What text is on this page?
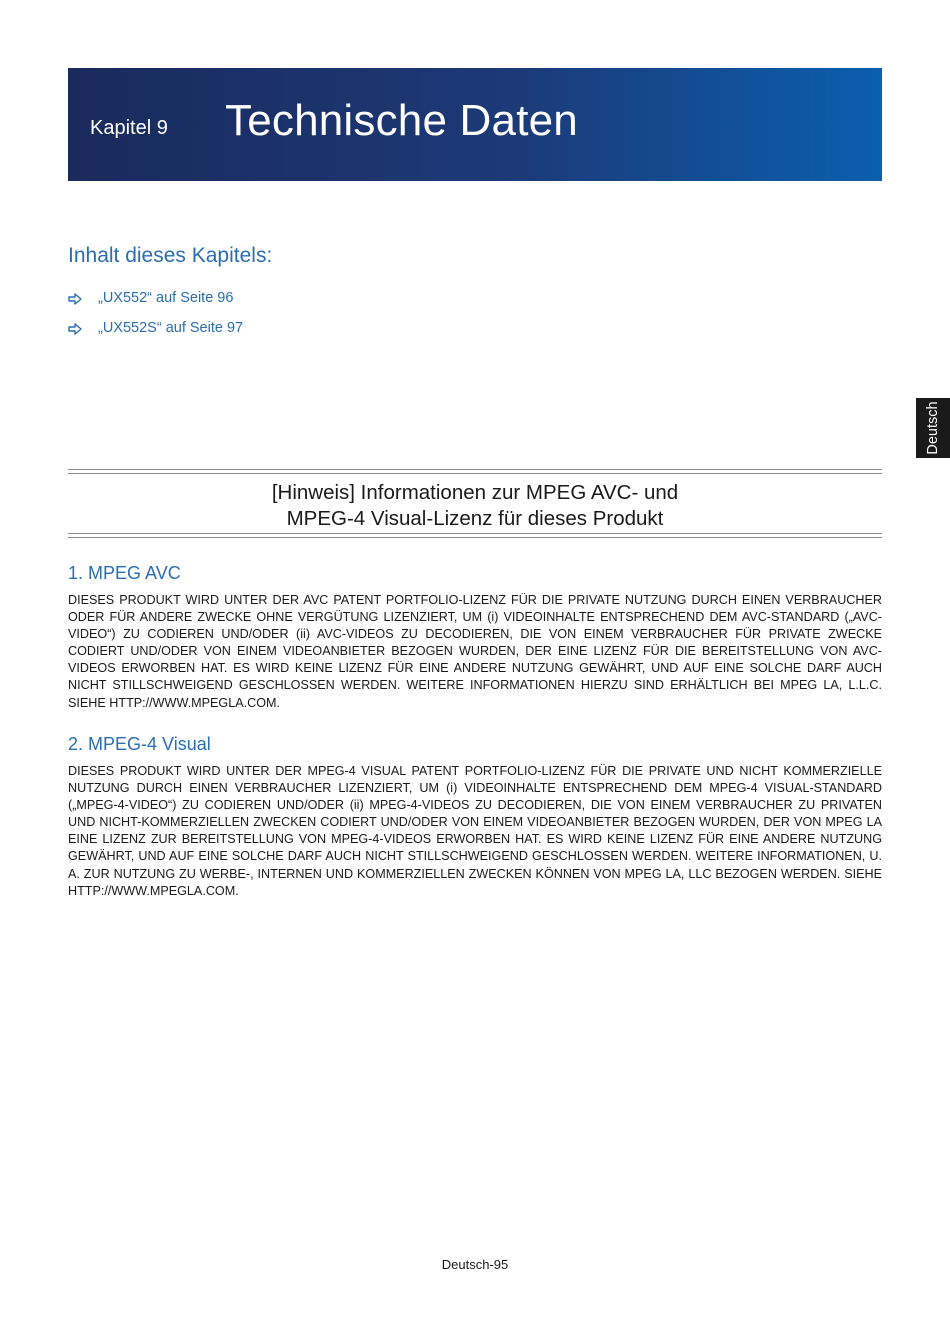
Kapitel 9 Technische Daten
Inhalt dieses Kapitels:
„UX552“ auf Seite 96
„UX552S“ auf Seite 97
Deutsch
[Hinweis] Informationen zur MPEG AVC- und
MPEG-4 Visual-Lizenz für dieses Produkt
1. MPEG AVC

DIESES PRODUKT WIRD UNTER DER AVC PATENT PORTFOLIO-LIZENZ FÜR DIE PRIVATE NUTZUNG DURCH EINEN VERBRAUCHER ODER FÜR ANDERE ZWECKE OHNE VERGÜTUNG LIZENZIERT, UM (i) VIDEOINHALTE ENTSPRECHEND DEM AVC-STANDARD („AVC-VIDEO“) ZU CODIEREN UND/ODER (ii) AVC-VIDEOS ZU DECODIEREN, DIE VON EINEM VERBRAUCHER FÜR PRIVATE ZWECKE CODIERT UND/ODER VON EINEM VIDEOANBIETER BEZOGEN WURDEN, DER EINE LIZENZ FÜR DIE BEREITSTELLUNG VON AVC-VIDEOS ERWORBEN HAT. ES WIRD KEINE LIZENZ FÜR EINE ANDERE NUTZUNG GEWÄHRT, UND AUF EINE SOLCHE DARF AUCH NICHT STILLSCHWEIGEND GESCHLOSSEN WERDEN. WEITERE INFORMATIONEN HIERZU SIND ERHÄLTLICH BEI MPEG LA, L.L.C. SIEHE HTTP://WWW.MPEGLA.COM.

2. MPEG-4 Visual

DIESES PRODUKT WIRD UNTER DER MPEG-4 VISUAL PATENT PORTFOLIO-LIZENZ FÜR DIE PRIVATE UND NICHT KOMMERZIELLE NUTZUNG DURCH EINEN VERBRAUCHER LIZENZIERT, UM (i) VIDEOINHALTE ENTSPRECHEND DEM MPEG-4 VISUAL-STANDARD („MPEG-4-VIDEO“) ZU CODIEREN UND/ODER (ii) MPEG-4-VIDEOS ZU DECODIEREN, DIE VON EINEM VERBRAUCHER ZU PRIVATEN UND NICHT-KOMMERZIELLEN ZWECKEN CODIERT UND/ODER VON EINEM VIDEOANBIETER BEZOGEN WURDEN, DER VON MPEG LA EINE LIZENZ ZUR BEREITSTELLUNG VON MPEG-4-VIDEOS ERWORBEN HAT. ES WIRD KEINE LIZENZ FÜR EINE ANDERE NUTZUNG GEWÄHRT, UND AUF EINE SOLCHE DARF AUCH NICHT STILLSCHWEIGEND GESCHLOSSEN WERDEN. WEITERE INFORMATIONEN, U. A. ZUR NUTZUNG ZU WERBE-, INTERNEN UND KOMMERZIELLEN ZWECKEN KÖNNEN VON MPEG LA, LLC BEZOGEN WERDEN. SIEHE HTTP://WWW.MPEGLA.COM.

Deutsch-95
